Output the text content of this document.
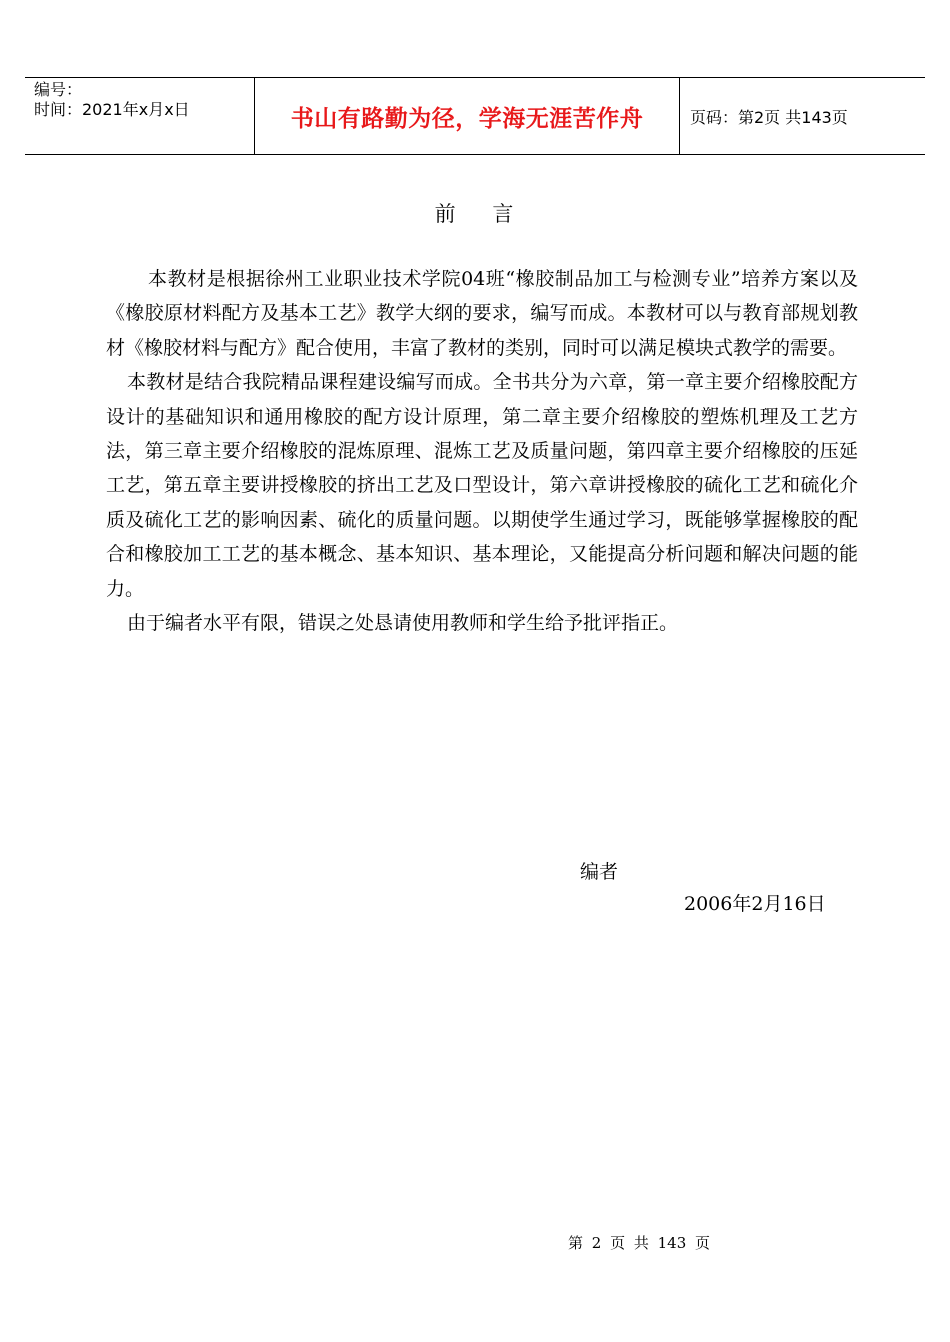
编号：
时间：2021年x月x日	书山有路勤为径，学海无涯苦作舟	页码：第2页 共143页
前    言

本教材是根据徐州工业职业技术学院04班“橡胶制品加工与检测专业”培养方案以及《橡胶原材料配方及基本工艺》教学大纲的要求，编写而成。本教材可以与教育部规划教材《橡胶材料与配方》配合使用，丰富了教材的类别，同时可以满足模块式教学的需要。

本教材是结合我院精品课程建设编写而成。全书共分为六章，第一章主要介绍橡胶配方设计的基础知识和通用橡胶的配方设计原理，第二章主要介绍橡胶的塑炼机理及工艺方法，第三章主要介绍橡胶的混炼原理、混炼工艺及质量问题，第四章主要介绍橡胶的压延工艺，第五章主要讲授橡胶的挤出工艺及口型设计，第六章讲授橡胶的硫化工艺和硫化介质及硫化工艺的影响因素、硫化的质量问题。以期使学生通过学习，既能够掌握橡胶的配合和橡胶加工工艺的基本概念、基本知识、基本理论，又能提高分析问题和解决问题的能力。

由于编者水平有限，错误之处恳请使用教师和学生给予批评指正。

编者
2006年2月16日
第 2 页 共 143 页
